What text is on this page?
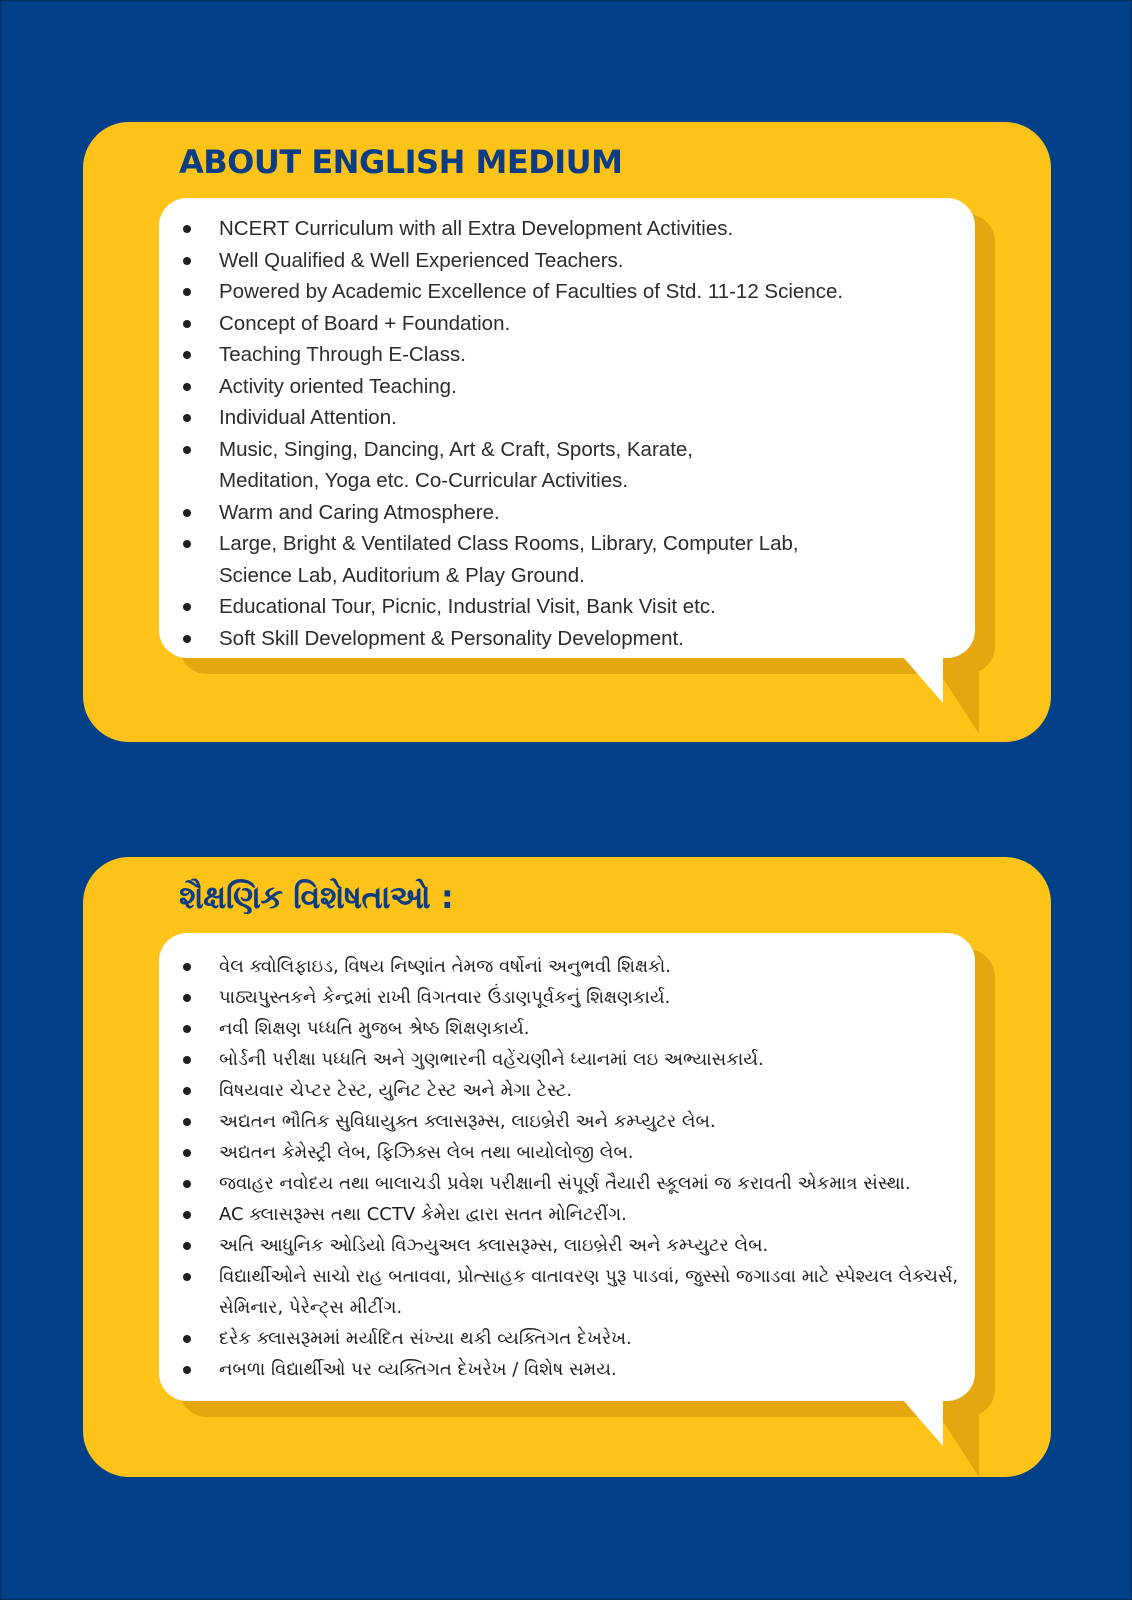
ABOUT ENGLISH MEDIUM
NCERT Curriculum with all Extra Development Activities.
Well Qualified & Well Experienced Teachers.
Powered by Academic Excellence of Faculties of Std. 11-12 Science.
Concept of Board + Foundation.
Teaching Through E-Class.
Activity oriented Teaching.
Individual Attention.
Music, Singing, Dancing, Art & Craft, Sports, Karate, Meditation, Yoga etc. Co-Curricular Activities.
Warm and Caring Atmosphere.
Large, Bright & Ventilated Class Rooms, Library, Computer Lab, Science Lab, Auditorium & Play Ground.
Educational Tour, Picnic, Industrial Visit, Bank Visit etc.
Soft Skill Development & Personality Development.
શૈક્ષણિક વિશેષતાઓ :
વેલ ક્વોલિફાઇડ, વિષય નિષ્ણાંત તેમજ વર્ષોનાં અનુભવી શિક્ષકો.
પાઠ્યપુસ્તકને કેન્દ્રમાં રાખી વિગતવાર ઉંડાણપૂર્વકનું શિક્ષણકાર્ય.
નવી શિક્ષણ પધ્ધતિ મુજબ શ્રેષ્ઠ શિક્ષણકાર્ય.
બોર્ડની પરીક્ષા પધ્ધતિ અને ગુણભારની વહેંચણીને ધ્યાનમાં લઇ અભ્યાસકાર્ય.
વિષયવાર ચેપ્ટર ટેસ્ટ, યુનિટ ટેસ્ટ અને મેગા ટેસ્ટ.
અદ્યતન ભૌતિક સુવિધાયુક્ત ક્લાસરૂમ્સ, લાઇબ્રેરી અને કમ્પ્યુટર લેબ.
અદ્યતન કેમેસ્ટ્રી લેબ, ફિઝિક્સ લેબ તથા બાયોલોજી લેબ.
જવાહર નવોદય તથા બાલાચડી પ્રવેશ પરીક્ષાની સંપૂર્ણ તૈયારી સ્કૂલમાં જ કરાવતી એકમાત્ર સંસ્થા.
AC ક્લાસરૂમ્સ તથા CCTV કેમેરા દ્વારા સતત મોનિટરીંગ.
અતિ આધુનિક ઓડિયો વિઝ્યુઅલ ક્લાસરૂમ્સ, લાઇબ્રેરી અને કમ્પ્યુટર લેબ.
વિદ્યાર્થીઓને સાચો રાહ બતાવવા, પ્રોત્સાહક વાતાવરણ પુરૂ પાડવાં, જુસ્સો જગાડવા માટે સ્પેશ્યલ લેક્ચર્સ, સેમિનાર, પેરેન્ટ્સ મીટીંગ.
દરેક ક્લાસરૂમમાં મર્યાદિત સંખ્યા થકી વ્યક્તિગત દેખરેખ.
નબળા વિદ્યાર્થીઓ પર વ્યક્તિગત દેખરેખ / વિશેષ સમય.
